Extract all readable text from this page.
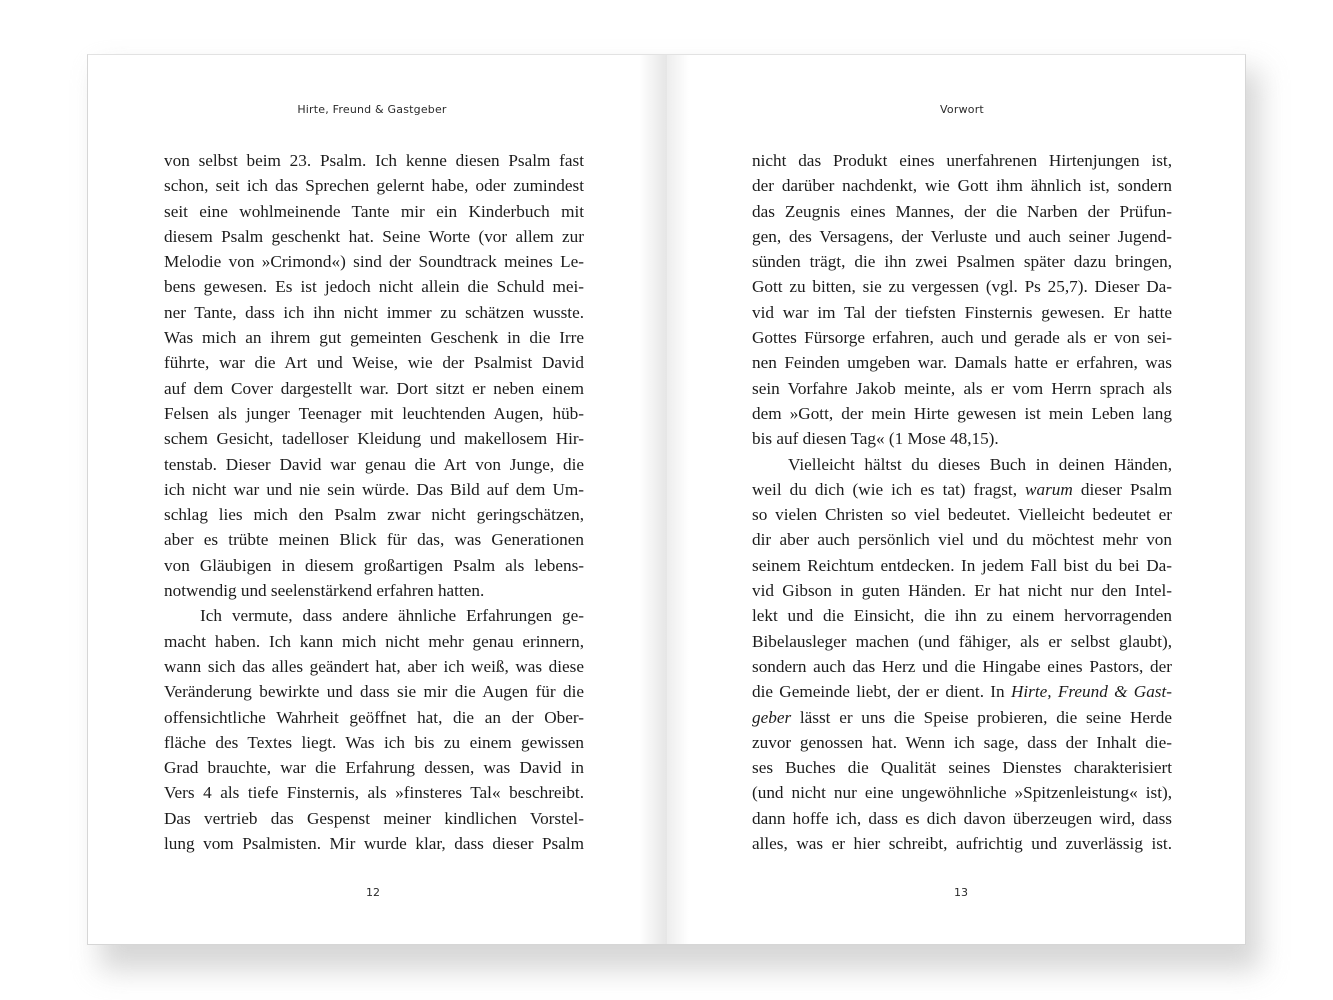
Hirte, Freund & Gastgeber
von selbst beim 23. Psalm. Ich kenne diesen Psalm fast
schon, seit ich das Sprechen gelernt habe, oder zumindest
seit eine wohlmeinende Tante mir ein Kinderbuch mit
diesem Psalm geschenkt hat. Seine Worte (vor allem zur
Melodie von »Crimond«) sind der Soundtrack meines Le-
bens gewesen. Es ist jedoch nicht allein die Schuld mei-
ner Tante, dass ich ihn nicht immer zu schätzen wusste.
Was mich an ihrem gut gemeinten Geschenk in die Irre
führte, war die Art und Weise, wie der Psalmist David
auf dem Cover dargestellt war. Dort sitzt er neben einem
Felsen als junger Teenager mit leuchtenden Augen, hüb-
schem Gesicht, tadelloser Kleidung und makellosem Hir-
tenstab. Dieser David war genau die Art von Junge, die
ich nicht war und nie sein würde. Das Bild auf dem Um-
schlag lies mich den Psalm zwar nicht geringschätzen,
aber es trübte meinen Blick für das, was Generationen
von Gläubigen in diesem großartigen Psalm als lebens-
notwendig und seelenstärkend erfahren hatten.
Ich vermute, dass andere ähnliche Erfahrungen ge-
macht haben. Ich kann mich nicht mehr genau erinnern,
wann sich das alles geändert hat, aber ich weiß, was diese
Veränderung bewirkte und dass sie mir die Augen für die
offensichtliche Wahrheit geöffnet hat, die an der Ober-
fläche des Textes liegt. Was ich bis zu einem gewissen
Grad brauchte, war die Erfahrung dessen, was David in
Vers 4 als tiefe Finsternis, als »finsteres Tal« beschreibt.
Das vertrieb das Gespenst meiner kindlichen Vorstel-
lung vom Psalmisten. Mir wurde klar, dass dieser Psalm
12
Vorwort
nicht das Produkt eines unerfahrenen Hirtenjungen ist,
der darüber nachdenkt, wie Gott ihm ähnlich ist, sondern
das Zeugnis eines Mannes, der die Narben der Prüfun-
gen, des Versagens, der Verluste und auch seiner Jugend-
sünden trägt, die ihn zwei Psalmen später dazu bringen,
Gott zu bitten, sie zu vergessen (vgl. Ps 25,7). Dieser Da-
vid war im Tal der tiefsten Finsternis gewesen. Er hatte
Gottes Fürsorge erfahren, auch und gerade als er von sei-
nen Feinden umgeben war. Damals hatte er erfahren, was
sein Vorfahre Jakob meinte, als er vom Herrn sprach als
dem »Gott, der mein Hirte gewesen ist mein Leben lang
bis auf diesen Tag« (1 Mose 48,15).
Vielleicht hältst du dieses Buch in deinen Händen,
weil du dich (wie ich es tat) fragst, warum dieser Psalm
so vielen Christen so viel bedeutet. Vielleicht bedeutet er
dir aber auch persönlich viel und du möchtest mehr von
seinem Reichtum entdecken. In jedem Fall bist du bei Da-
vid Gibson in guten Händen. Er hat nicht nur den Intel-
lekt und die Einsicht, die ihn zu einem hervorragenden
Bibelausleger machen (und fähiger, als er selbst glaubt),
sondern auch das Herz und die Hingabe eines Pastors, der
die Gemeinde liebt, der er dient. In Hirte, Freund & Gast-
geber lässt er uns die Speise probieren, die seine Herde
zuvor genossen hat. Wenn ich sage, dass der Inhalt die-
ses Buches die Qualität seines Dienstes charakterisiert
(und nicht nur eine ungewöhnliche »Spitzenleistung« ist),
dann hoffe ich, dass es dich davon überzeugen wird, dass
alles, was er hier schreibt, aufrichtig und zuverlässig ist.
13
